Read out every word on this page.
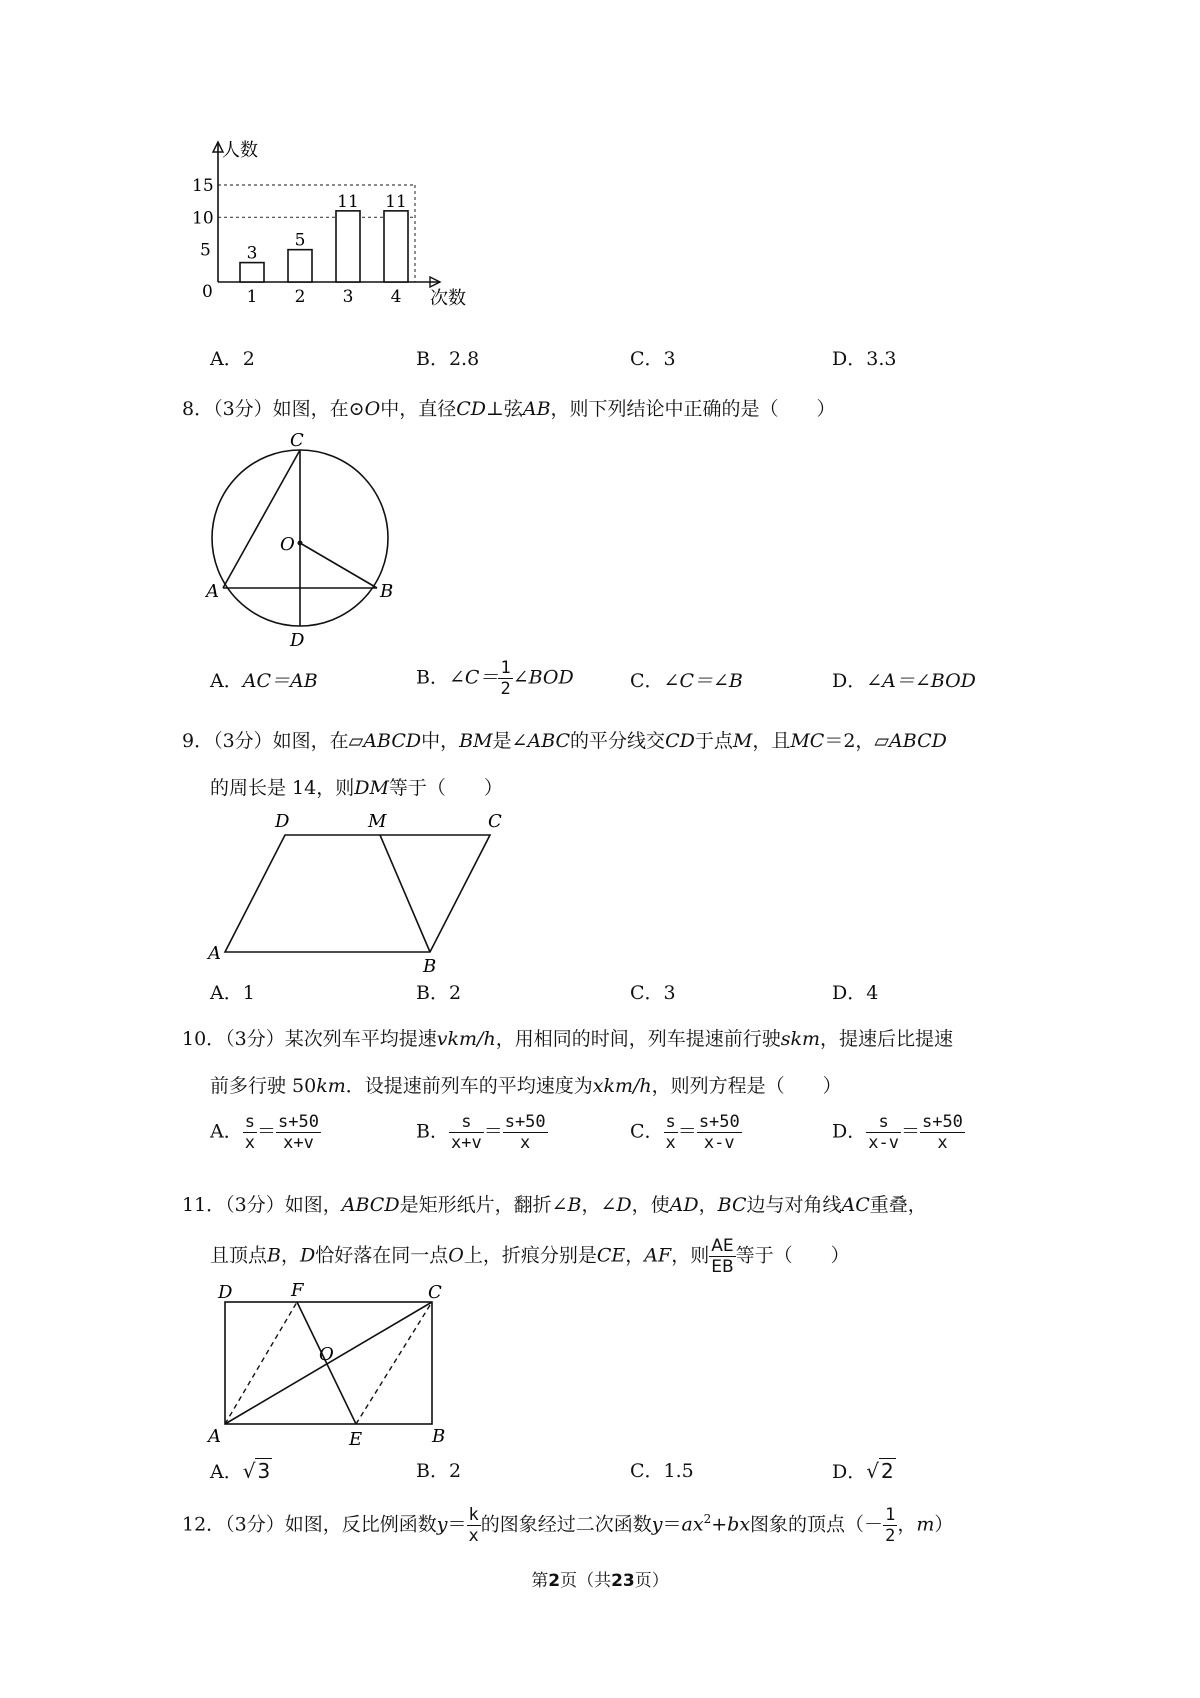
人数
次数
0
5
10
15
3
1
5
2
11
3
11
4
A．2	B．2.8	C．3	D．3.3
8．（3分）如图，在⊙O中，直径CD⊥弦AB，则下列结论中正确的是（　　）
C
O
A	B
D
A．AC＝AB	B．∠C＝ $\frac{1}{2}$ ∠BOD	C．∠C＝∠B	D．∠A＝∠BOD
9．（3分）如图，在▱ABCD中，BM是∠ABC的平分线交CD于点M，且MC＝2，▱ABCD
的周长是 14，则DM等于（　　）
D	M	C
A
B
A．1	B．2	C．3	D．4
10．（3分）某次列车平均提速vkm/h，用相同的时间，列车提速前行驶skm，提速后比提速
前多行驶 50km．设提速前列车的平均速度为xkm/h，则列方程是（　　）
A． $\frac{s}{x} = \frac{s+50}{x+v}$	B． $\frac{s}{x+v} = \frac{s+50}{x}$	C． $\frac{s}{x} = \frac{s+50}{x-v}$	D． $\frac{s}{x-v} = \frac{s+50}{x}$
11．（3分）如图，ABCD是矩形纸片，翻折∠B，∠D，使AD，BC边与对角线AC重叠，
且顶点B，D恰好落在同一点O上，折痕分别是CE，AF，则 $\frac{AE}{EB}$ 等于（　　）
D	F	C
O
A	E	B
A．√ 3	B．2	C．1.5	D．√ 2
12．（3分）如图，反比例函数$y= \frac{k}{x}$ 的图象经过二次函数$y=ax^2+bx$图象的顶点（－ $\frac{1}{2}$ ，m）
第2页（共23页）
